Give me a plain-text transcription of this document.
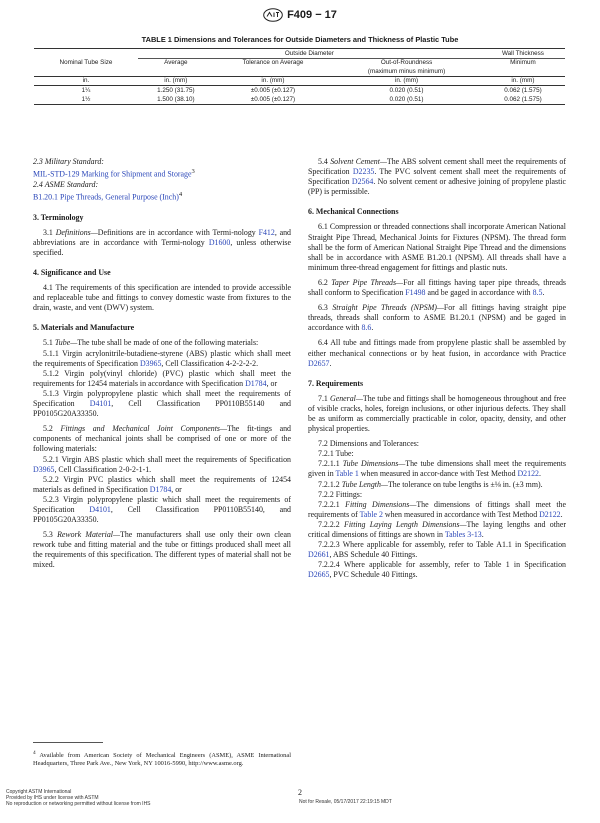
F409 − 17
TABLE 1 Dimensions and Tolerances for Outside Diameters and Thickness of Plastic Tube
	Outside Diameter			Wall Thickness
Nominal Tube Size	Average	Tolerance on Average	Out-of-Roundness	Minimum
			(maximum minus minimum)	
in.	in. (mm)	in. (mm)	in. (mm)	in. (mm)
1¼	1.250 (31.75)	±0.005 (±0.127)	0.020 (0.51)	0.062 (1.575)
1½	1.500 (38.10)	±0.005 (±0.127)	0.020 (0.51)	0.062 (1.575)

2.3 Military Standard:

MIL-STD-129 Marking for Shipment and Storage$^3$

2.4 ASME Standard:

B1.20.1 Pipe Threads, General Purpose (Inch)$^4$

3. Terminology

3.1 Definitions—Definitions are in accordance with Termi-nology F412, and abbreviations are in accordance with Termi-nology D1600, unless otherwise specified.

4. Significance and Use

4.1 The requirements of this specification are intended to provide accessible and replaceable tube and fittings to convey domestic waste from fixtures to the drain, waste, and vent (DWV) system.

5. Materials and Manufacture

5.1 Tube—The tube shall be made of one of the following materials:

5.1.1 Virgin acrylonitrile-butadiene-styrene (ABS) plastic which shall meet the requirements of Specification D3965, Cell Classification 4-2-2-2-2.

5.1.2 Virgin poly(vinyl chloride) (PVC) plastic which shall meet the requirements for 12454 materials in accordance with Specification D1784, or

5.1.3 Virgin polypropylene plastic which shall meet the requirements of Specification D4101, Cell Classification PP0110B55140 and PP0105G20A33350.

5.2 Fittings and Mechanical Joint Components—The fit-tings and components of mechanical joints shall be comprised of one or more of the following materials:

5.2.1 Virgin ABS plastic which shall meet the requirements of Specification D3965, Cell Classification 2-0-2-1-1.

5.2.2 Virgin PVC plastics which shall meet the requirements of 12454 materials as defined in Specification D1784, or

5.2.3 Virgin polypropylene plastic which shall meet the requirements of Specification D4101, Cell Classification PP0110B55140, and PP0105G20A33350.

5.3 Rework Material—The manufacturers shall use only their own clean rework tube and fitting material and the tube or fittings produced shall meet all the requirements of this specification. The different types of material shall not be mixed.

5.4 Solvent Cement—The ABS solvent cement shall meet the requirements of Specification D2235. The PVC solvent cement shall meet the requirements of Specification D2564. No solvent cement or adhesive joining of propylene plastic (PP) is permissible.

6. Mechanical Connections

6.1 Compression or threaded connections shall incorporate American National Straight Pipe Thread, Mechanical Joints for Fixtures (NPSM). The thread form shall be the form of American National Straight Pipe Thread and the dimensions shall be in accordance with ASME B1.20.1 (NPSM). All threads shall have a minimum three-thread engagement for fittings and plastic nuts.

6.2 Taper Pipe Threads—For all fittings having taper pipe threads, threads shall conform to Specification F1498 and be gaged in accordance with 8.5.

6.3 Straight Pipe Threads (NPSM)—For all fittings having straight pipe threads, threads shall conform to ASME B1.20.1 (NPSM) and be gaged in accordance with 8.6.

6.4 All tube and fittings made from propylene plastic shall be assembled by either mechanical connections or by heat fusion, in accordance with Practice D2657.

7. Requirements

7.1 General—The tube and fittings shall be homogeneous throughout and free of visible cracks, holes, foreign inclusions, or other injurious defects. They shall be as uniform as commercially practicable in color, opacity, density, and other physical properties.

7.2 Dimensions and Tolerances:

7.2.1 Tube:

7.2.1.1 Tube Dimensions—The tube dimensions shall meet the requirements given in Table 1 when measured in accor-dance with Test Method D2122.

7.2.1.2 Tube Length—The tolerance on tube lengths is ±⅛ in. (±3 mm).

7.2.2 Fittings:

7.2.2.1 Fitting Dimensions—The dimensions of fittings shall meet the requirements of Table 2 when measured in accordance with Test Method D2122.

7.2.2.2 Fitting Laying Length Dimensions—The laying lengths and other critical dimensions of fittings are shown in Tables 3-13.

7.2.2.3 Where applicable for assembly, refer to Table A1.1 in Specification D2661, ABS Schedule 40 Fittings.

7.2.2.4 Where applicable for assembly, refer to Table 1 in Specification D2665, PVC Schedule 40 Fittings.

$^4$ Available from American Society of Mechanical Engineers (ASME), ASME International Headquarters, Three Park Ave., New York, NY 10016-5990, http://www.asme.org.
Copyright ASTM International
Provided by IHS under license with ASTM
No reproduction or networking permitted without license from IHS
2
Not for Resale, 05/17/2017 22:19:15 MDT
